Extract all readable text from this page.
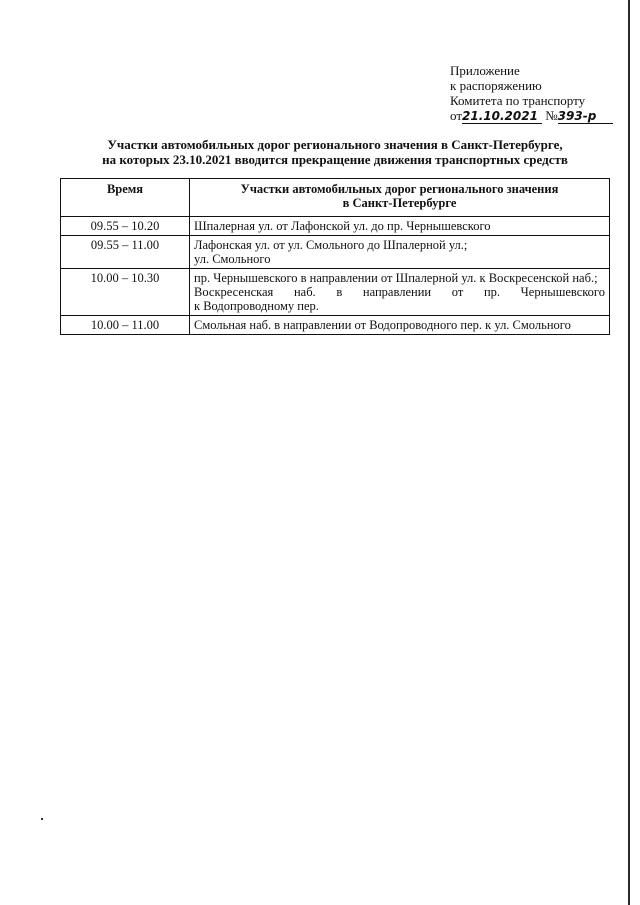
Приложение
к распоряжению
Комитета по транспорту
от21.10.2021 №393-р
Участки автомобильных дорог регионального значения в Санкт-Петербурге,
на которых 23.10.2021 вводится прекращение движения транспортных средств
Время	Участки автомобильных дорог регионального значения
в Санкт-Петербурге

09.55 – 10.20	Шпалерная ул. от Лафонской ул. до пр. Чернышевского

09.55 – 11.00	Лафонская ул. от ул. Смольного до Шпалерной ул.;
ул. Смольного

10.00 – 10.30	пр. Чернышевского в направлении от Шпалерной ул. к Воскресенской наб.;
Воскресенская наб. в направлении от пр. Чернышевского
к Водопроводному пер.

10.00 – 11.00	Смольная наб. в направлении от Водопроводного пер. к ул. Смольного
